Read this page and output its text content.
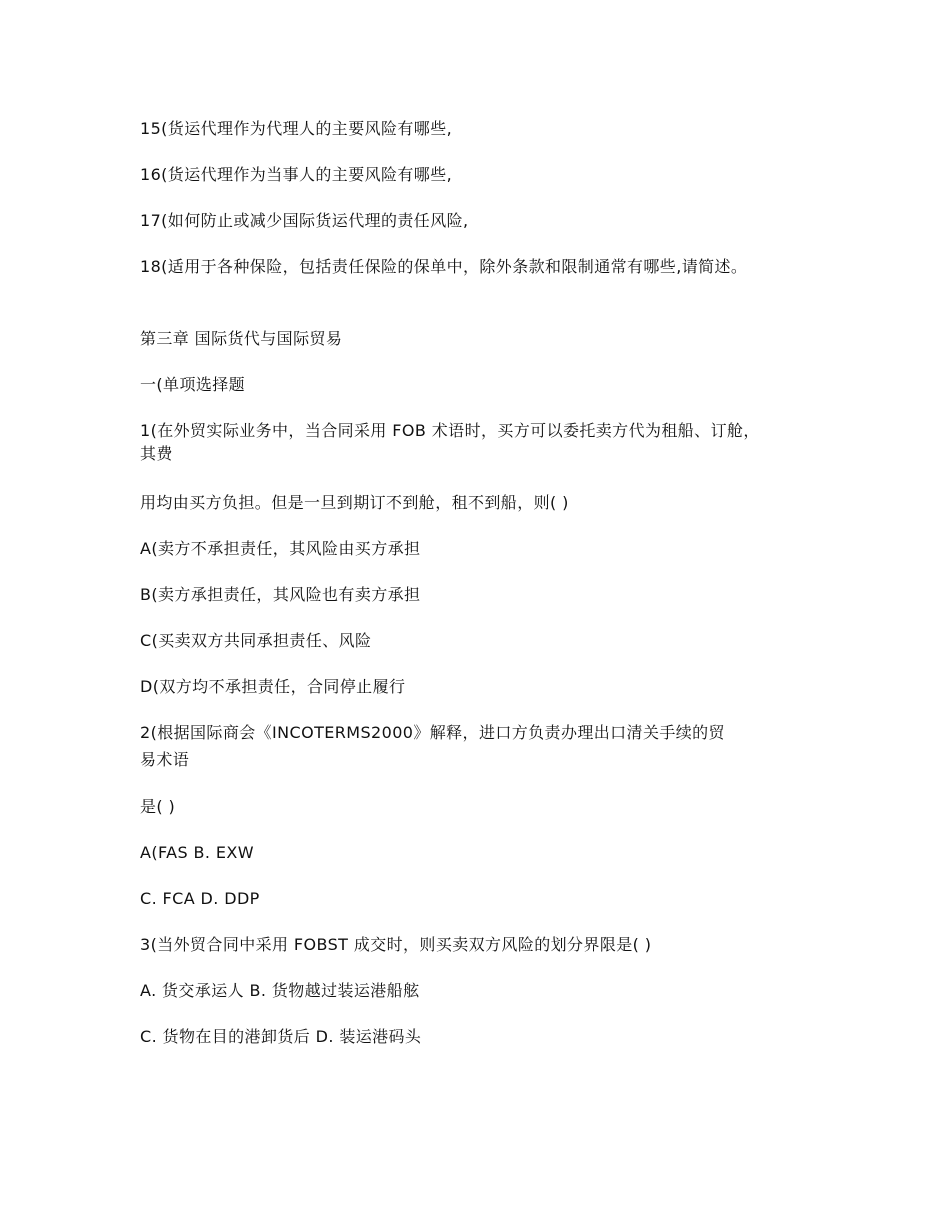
15(货运代理作为代理人的主要风险有哪些,
16(货运代理作为当事人的主要风险有哪些,
17(如何防止或减少国际货运代理的责任风险,
18(适用于各种保险，包括责任保险的保单中，除外条款和限制通常有哪些,请简述。
第三章 国际货代与国际贸易
一(单项选择题
1(在外贸实际业务中，当合同采用 FOB 术语时，买方可以委托卖方代为租船、订舱，
其费
用均由买方负担。但是一旦到期订不到舱，租不到船，则( )
A(卖方不承担责任，其风险由买方承担
B(卖方承担责任，其风险也有卖方承担
C(买卖双方共同承担责任、风险
D(双方均不承担责任，合同停止履行
2(根据国际商会《INCOTERMS2000》解释，进口方负责办理出口清关手续的贸
易术语
是( )
A(FAS B. EXW
C. FCA D. DDP
3(当外贸合同中采用 FOBST 成交时，则买卖双方风险的划分界限是( )
A. 货交承运人 B. 货物越过装运港船舷
C. 货物在目的港卸货后 D. 装运港码头
